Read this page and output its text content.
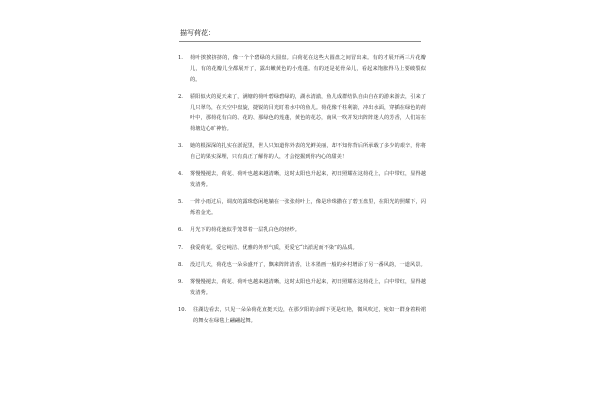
描写荷花：
1.	荷叶挨挨挤挤的，像一个个碧绿的大圆盘。白荷花在这些大圆盘之间冒出来。有的才展开两三片花瓣儿，有的花瓣儿全都展开了，露出嫩黄色的小莲蓬。有的还是花骨朵儿，看起来饱胀得马上要破裂似的。
2.	骄阳似火的夏天来了，满塘的荷叶碧绿碧绿的，湖水清澈，鱼儿成群结队自由自在的游来游去，引来了几只翠鸟，在天空中盘旋，捷锐的目光盯着水中的鱼儿。荷花像千柱利箭，冲出水面，穿插在绿色的荷叶中，那荷花有白的、花的、那绿色的莲蓬，黄色的花芯，南风一吹并发出阵阵迷人的芳香，人们站在荷塘边心旷神怡。
3.	她的根深深的扎实在淤泥里，世人只知道你外表的光鲜美丽，却不知你背后所承载了多少的艰辛，你将自己的果实深埋，只有真正了解你的人，才会挖掘到你内心的甜美！
4.	雾慢慢褪去，荷花、荷叶也越来越清晰，这时太阳也升起来，初日照耀在这荷花上，白中带红，显得越发清秀。
5.	一阵小雨过后，调皮的露珠悠闲地躺在一张张荷叶上，像是珍珠撒在了碧玉盘里，在阳光的照耀下，闪烁着金光。
6.	月光下的荷花池似乎笼罩着一层乳白色的轻纱。
7.	我爱荷花，爱它纯洁、优雅的外形气质，更爱它“出淤泥而不染”的品质。
8.	没过几天，荷花也一朵朵盛开了，飘来阵阵清香，让本墨画一般的乡村增添了另一番风韵，一道风景。
9.	雾慢慢褪去，荷花、荷叶也越来越清晰，这时太阳也升起来，初日照耀在这荷花上，白中带红，显得越发清秀。
10.	往湖边看去，只见一朵朵荷花直挺天边，在那夕阳的余晖下更是红艳，微风吹过，宛如一群身着粉裙的舞女在绿毯上翩翩起舞。
